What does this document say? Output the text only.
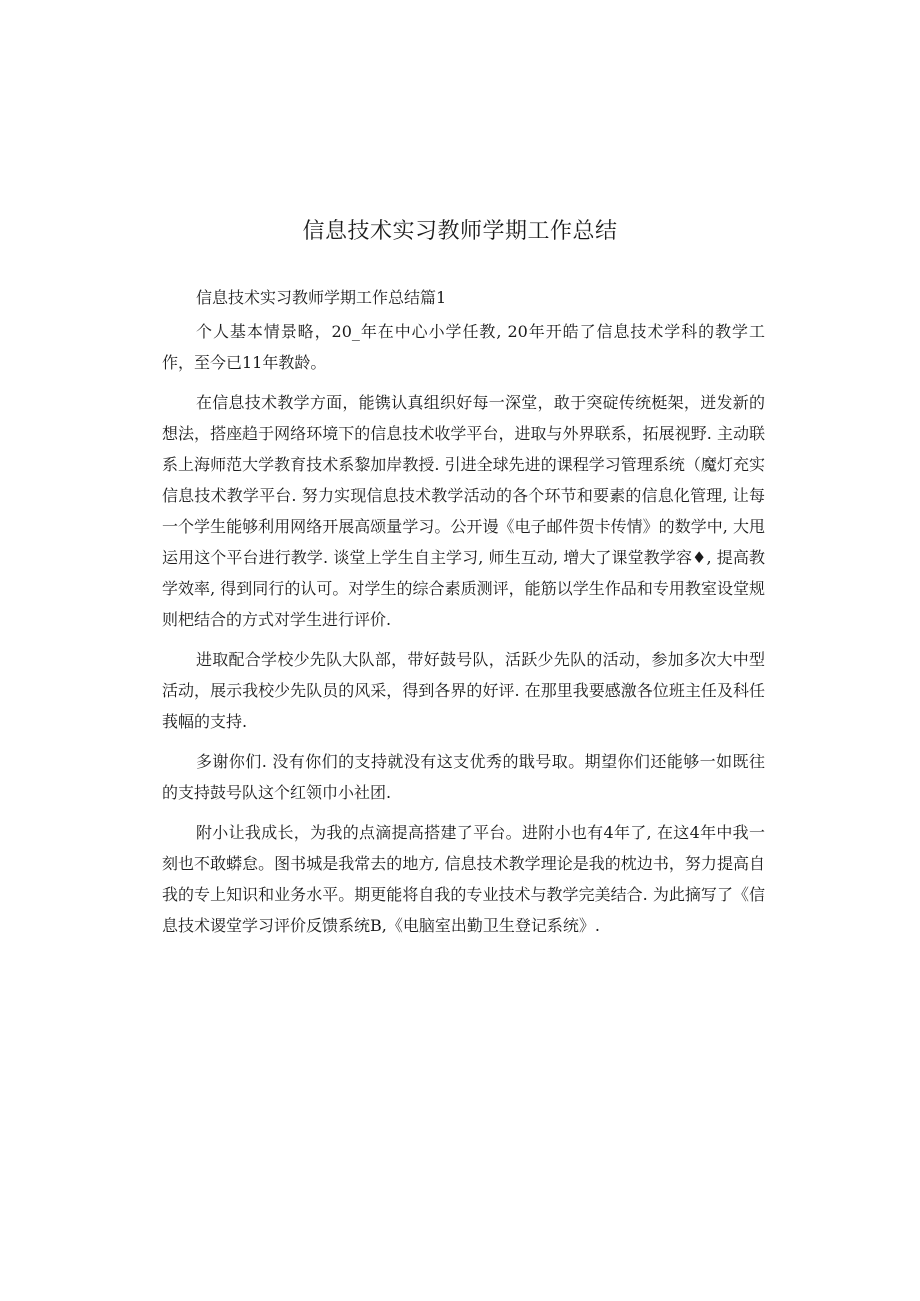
信息技术实习教师学期工作总结

信息技术实习教师学期工作总结篇1

个人基本情景略，20_年在中心小学任教, 20年开皓了信息技术学科的教学工作，至今已11年教龄。

在信息技术教学方面，能镌认真组织好每一深堂，敢于突碇传统梃架，迸发新的想法，搭座趋于网络环境下的信息技术收学平台，进取与外界联系，拓展视野. 主动联系上海师范大学教育技术系黎加岸教授. 引进全球先进的课程学习管理系统（魔灯充实信息技术教学平台. 努力实现信息技术教学活动的各个环节和要素的信息化管理, 让每一个学生能够利用网络开展高颂量学习。公开谩《电子邮件贺卡传情》的数学中, 大甩运用这个平台进行教学. 谈堂上学生自主学习, 师生互动, 增大了课堂教学容♦, 提高教学效率, 得到同行的认可。对学生的综合素质测评，能筋以学生作品和专用教室设堂规则杷结合的方式对学生进行评价.

进取配合学校少先队大队部，带好鼓号队，活跃少先队的活动，参加多次大中型活动，展示我校少先队员的风采，得到各界的好评. 在那里我要感激各位班主任及科任莪幅的支持.

多谢你们. 没有你们的支持就没有这支优秀的戢号取。期望你们还能够一如既往的支持鼓号队这个红领巾小社团.

附小让我成长，为我的点滴提高搭建了平台。进附小也有4年了, 在这4年中我一刻也不敢蟒怠。图书城是我常去的地方, 信息技术教学理论是我的枕边书，努力提高自我的专上知识和业务水平。期更能将自我的专业技术与教学完美结合. 为此摘写了《信息技术谡堂学习评价反馈系统B,《电脑室出勤卫生登记系统》.
